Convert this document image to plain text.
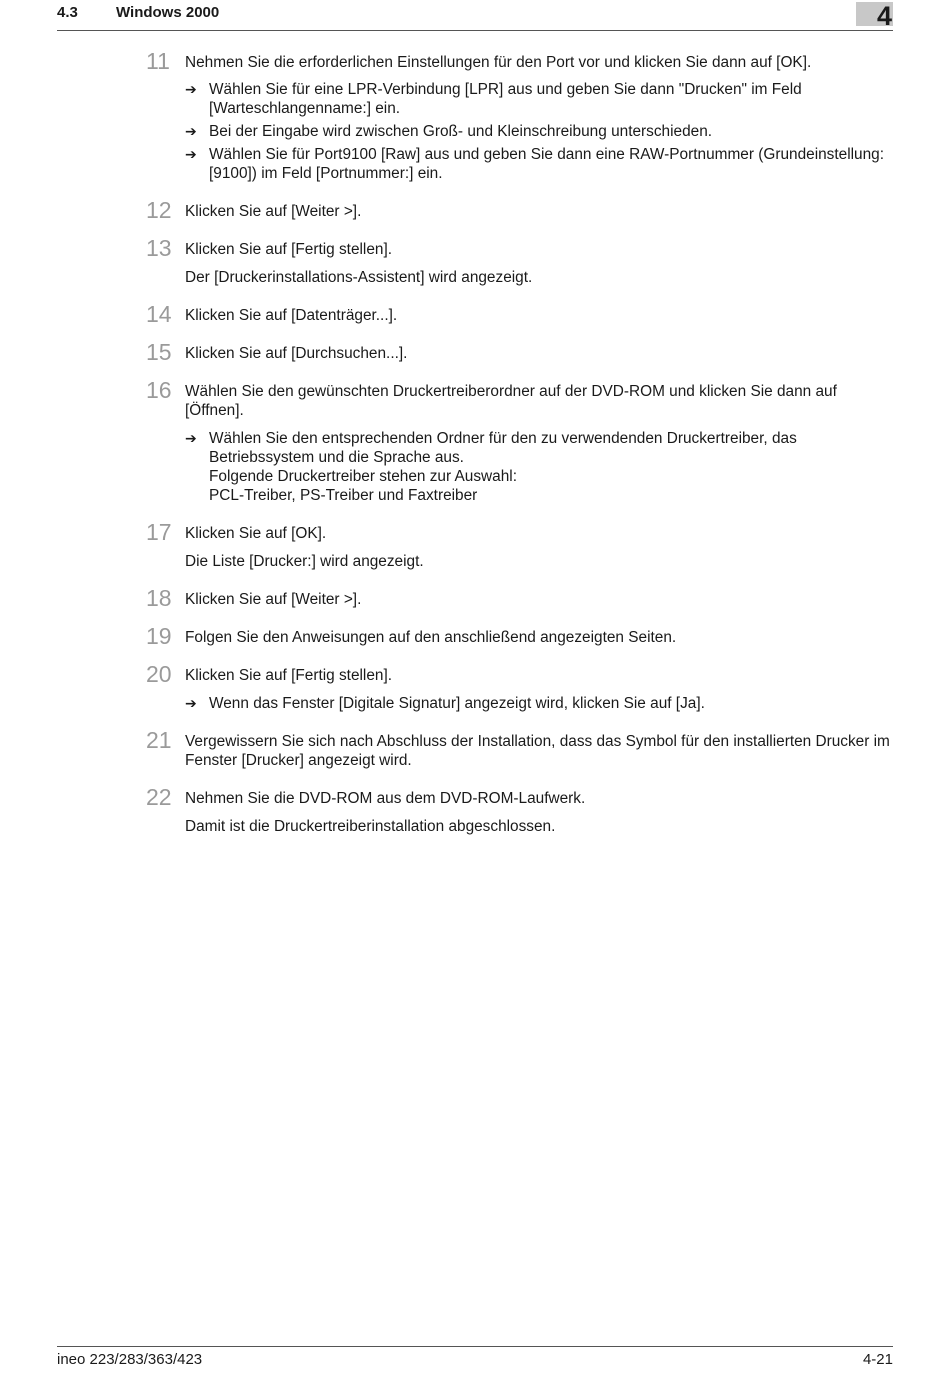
4.3	Windows 2000	4
11 Nehmen Sie die erforderlichen Einstellungen für den Port vor und klicken Sie dann auf [OK].
➔ Wählen Sie für eine LPR-Verbindung [LPR] aus und geben Sie dann "Drucken" im Feld [Warteschlangenname:] ein.
➔ Bei der Eingabe wird zwischen Groß- und Kleinschreibung unterschieden.
➔ Wählen Sie für Port9100 [Raw] aus und geben Sie dann eine RAW-Portnummer (Grundeinstellung: [9100]) im Feld [Portnummer:] ein.
12 Klicken Sie auf [Weiter >].
13 Klicken Sie auf [Fertig stellen].
Der [Druckerinstallations-Assistent] wird angezeigt.
14 Klicken Sie auf [Datenträger...].
15 Klicken Sie auf [Durchsuchen...].
16 Wählen Sie den gewünschten Druckertreiberordner auf der DVD-ROM und klicken Sie dann auf [Öffnen].
➔ Wählen Sie den entsprechenden Ordner für den zu verwendenden Druckertreiber, das Betriebssystem und die Sprache aus.
Folgende Druckertreiber stehen zur Auswahl:
PCL-Treiber, PS-Treiber und Faxtreiber
17 Klicken Sie auf [OK].
Die Liste [Drucker:] wird angezeigt.
18 Klicken Sie auf [Weiter >].
19 Folgen Sie den Anweisungen auf den anschließend angezeigten Seiten.
20 Klicken Sie auf [Fertig stellen].
➔ Wenn das Fenster [Digitale Signatur] angezeigt wird, klicken Sie auf [Ja].
21 Vergewissern Sie sich nach Abschluss der Installation, dass das Symbol für den installierten Drucker im Fenster [Drucker] angezeigt wird.
22 Nehmen Sie die DVD-ROM aus dem DVD-ROM-Laufwerk.
Damit ist die Druckertreiberinstallation abgeschlossen.
ineo 223/283/363/423	4-21
